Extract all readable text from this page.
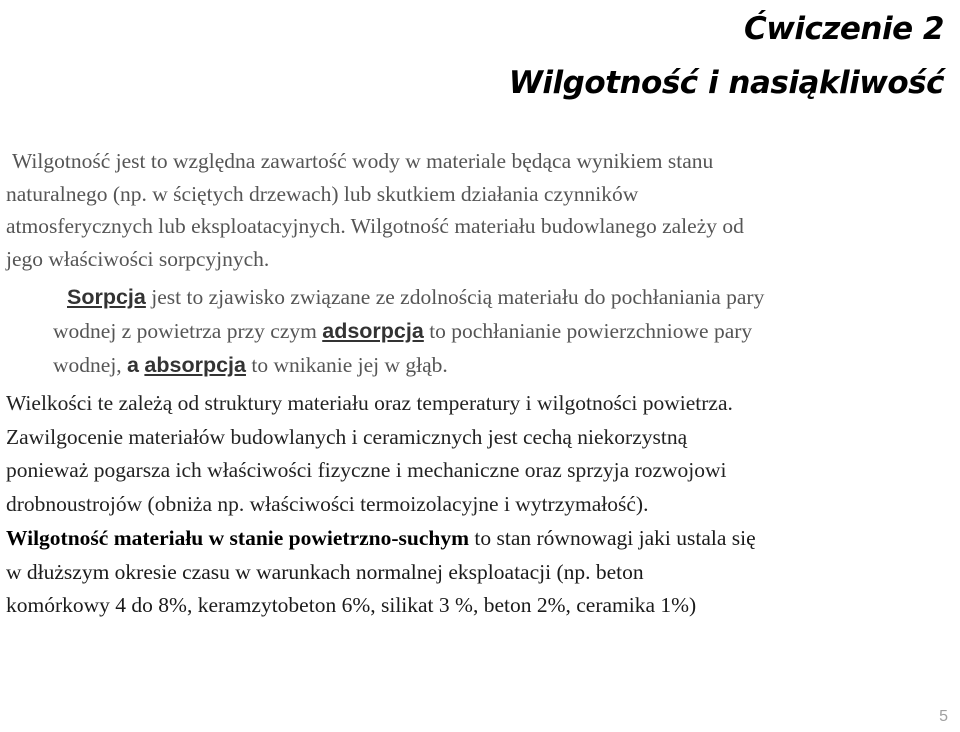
Ćwiczenie 2
Wilgotność i nasiąkliwość
Wilgotność jest to względna zawartość wody w materiale będąca wynikiem stanu
naturalnego (np. w ściętych drzewach) lub skutkiem działania czynników
atmosferycznych lub eksploatacyjnych. Wilgotność materiału budowlanego zależy od
jego właściwości sorpcyjnych.
Sorpcja jest to zjawisko związane ze zdolnością materiału do pochłaniania pary
wodnej z powietrza przy czym adsorpcja to pochłanianie powierzchniowe pary
wodnej, a absorpcja to wnikanie jej w głąb.
Wielkości te zależą od struktury materiału oraz temperatury i wilgotności powietrza.
Zawilgocenie materiałów budowlanych i ceramicznych jest cechą niekorzystną
ponieważ pogarsza ich właściwości fizyczne i mechaniczne oraz sprzyja rozwojowi
drobnoustrojów (obniża np. właściwości termoizolacyjne i wytrzymałość).
Wilgotność materiału w stanie powietrzno-suchym to stan równowagi jaki ustala się
w dłuższym okresie czasu w warunkach normalnej eksploatacji (np. beton
komórkowy 4 do 8%, keramzytobeton 6%, silikat 3 %, beton 2%, ceramika 1%)
5
